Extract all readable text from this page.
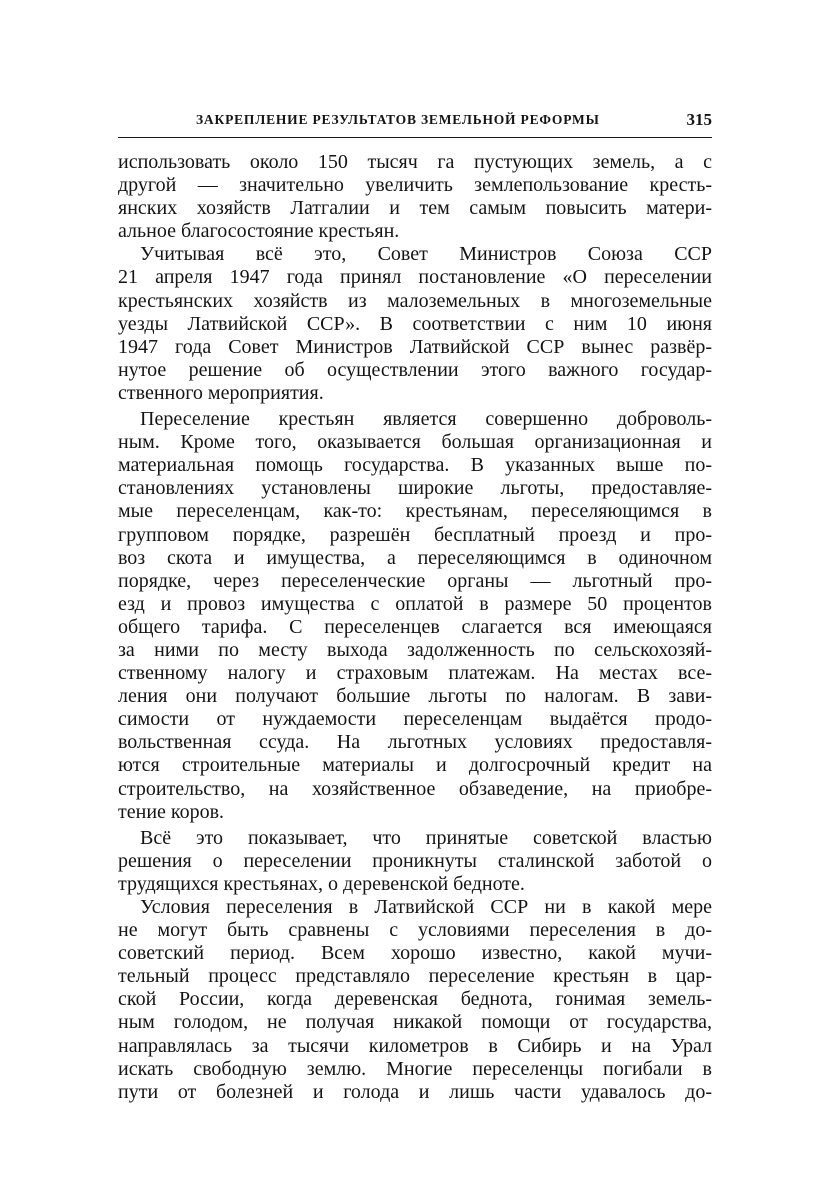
ЗАКРЕПЛЕНИЕ РЕЗУЛЬТАТОВ ЗЕМЕЛЬНОЙ РЕФОРМЫ	315
использовать около 150 тысяч га пустующих земель, а с
другой — значительно увеличить землепользование кресть-
янских хозяйств Латгалии и тем самым повысить матери-
альное благосостояние крестьян.
Учитывая всё это, Совет Министров Союза ССР
21 апреля 1947 года принял постановление «О переселении
крестьянских хозяйств из малоземельных в многоземельные
уезды Латвийской ССР». В соответствии с ним 10 июня
1947 года Совет Министров Латвийской ССР вынес развёр-
нутое решение об осуществлении этого важного государ-
ственного мероприятия.
Переселение крестьян является совершенно доброволь-
ным. Кроме того, оказывается большая организационная и
материальная помощь государства. В указанных выше по-
становлениях установлены широкие льготы, предоставляе-
мые переселенцам, как-то: крестьянам, переселяющимся в
групповом порядке, разрешён бесплатный проезд и про-
воз скота и имущества, а переселяющимся в одиночном
порядке, через переселенческие органы — льготный про-
езд и провоз имущества с оплатой в размере 50 процентов
общего тарифа. С переселенцев слагается вся имеющаяся
за ними по месту выхода задолженность по сельскохозяй-
ственному налогу и страховым платежам. На местах все-
ления они получают большие льготы по налогам. В зави-
симости от нуждаемости переселенцам выдаётся продо-
вольственная ссуда. На льготных условиях предоставля-
ются строительные материалы и долгосрочный кредит на
строительство, на хозяйственное обзаведение, на приобре-
тение коров.
Всё это показывает, что принятые советской властью
решения о переселении проникнуты сталинской заботой о
трудящихся крестьянах, о деревенской бедноте.
Условия переселения в Латвийской ССР ни в какой мере
не могут быть сравнены с условиями переселения в до-
советский период. Всем хорошо известно, какой мучи-
тельный процесс представляло переселение крестьян в цар-
ской России, когда деревенская беднота, гонимая земель-
ным голодом, не получая никакой помощи от государства,
направлялась за тысячи километров в Сибирь и на Урал
искать свободную землю. Многие переселенцы погибали в
пути от болезней и голода и лишь части удавалось до-
